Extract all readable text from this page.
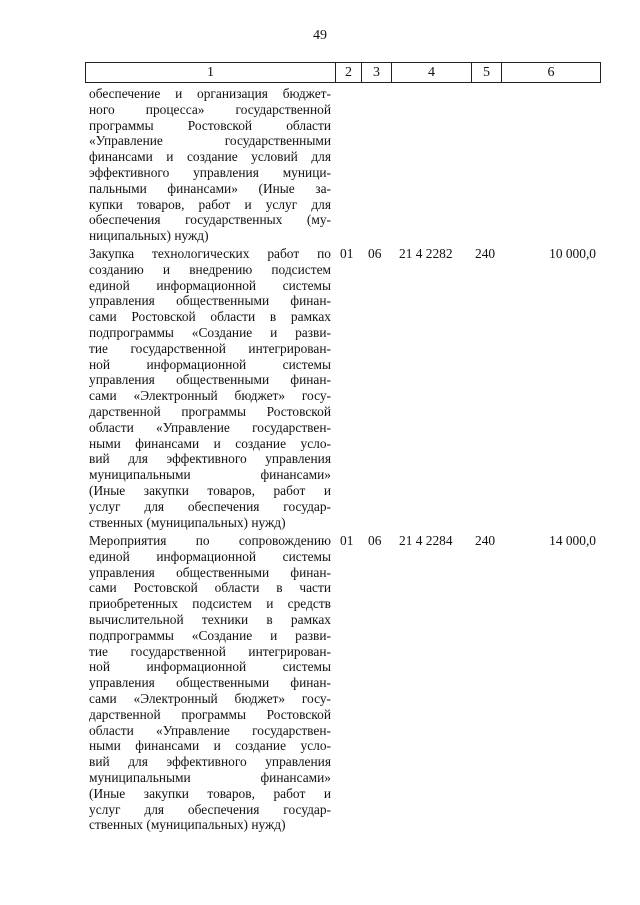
49
1	2	3	4	5	6
обеспечение и организация бюджет-
ного процесса» государственной
программы Ростовской области
«Управление государственными
финансами и создание условий для
эффективного управления муници-
пальными финансами» (Иные за-
купки товаров, работ и услуг для
обеспечения государственных (му-
ниципальных) нужд)
Закупка технологических работ по
созданию и внедрению подсистем
единой информационной системы
управления общественными финан-
сами Ростовской области в рамках
подпрограммы «Создание и разви-
тие государственной интегрирован-
ной информационной системы
управления общественными финан-
сами «Электронный бюджет» госу-
дарственной программы Ростовской
области «Управление государствен-
ными финансами и создание усло-
вий для эффективного управления
муниципальными финансами»
(Иные закупки товаров, работ и
услуг для обеспечения государ-
ственных (муниципальных) нужд)
01	06	21 4 2282	240	10 000,0
Мероприятия по сопровождению
единой информационной системы
управления общественными финан-
сами Ростовской области в части
приобретенных подсистем и средств
вычислительной техники в рамках
подпрограммы «Создание и разви-
тие государственной интегрирован-
ной информационной системы
управления общественными финан-
сами «Электронный бюджет» госу-
дарственной программы Ростовской
области «Управление государствен-
ными финансами и создание усло-
вий для эффективного управления
муниципальными финансами»
(Иные закупки товаров, работ и
услуг для обеспечения государ-
ственных (муниципальных) нужд)
01	06	21 4 2284	240	14 000,0
